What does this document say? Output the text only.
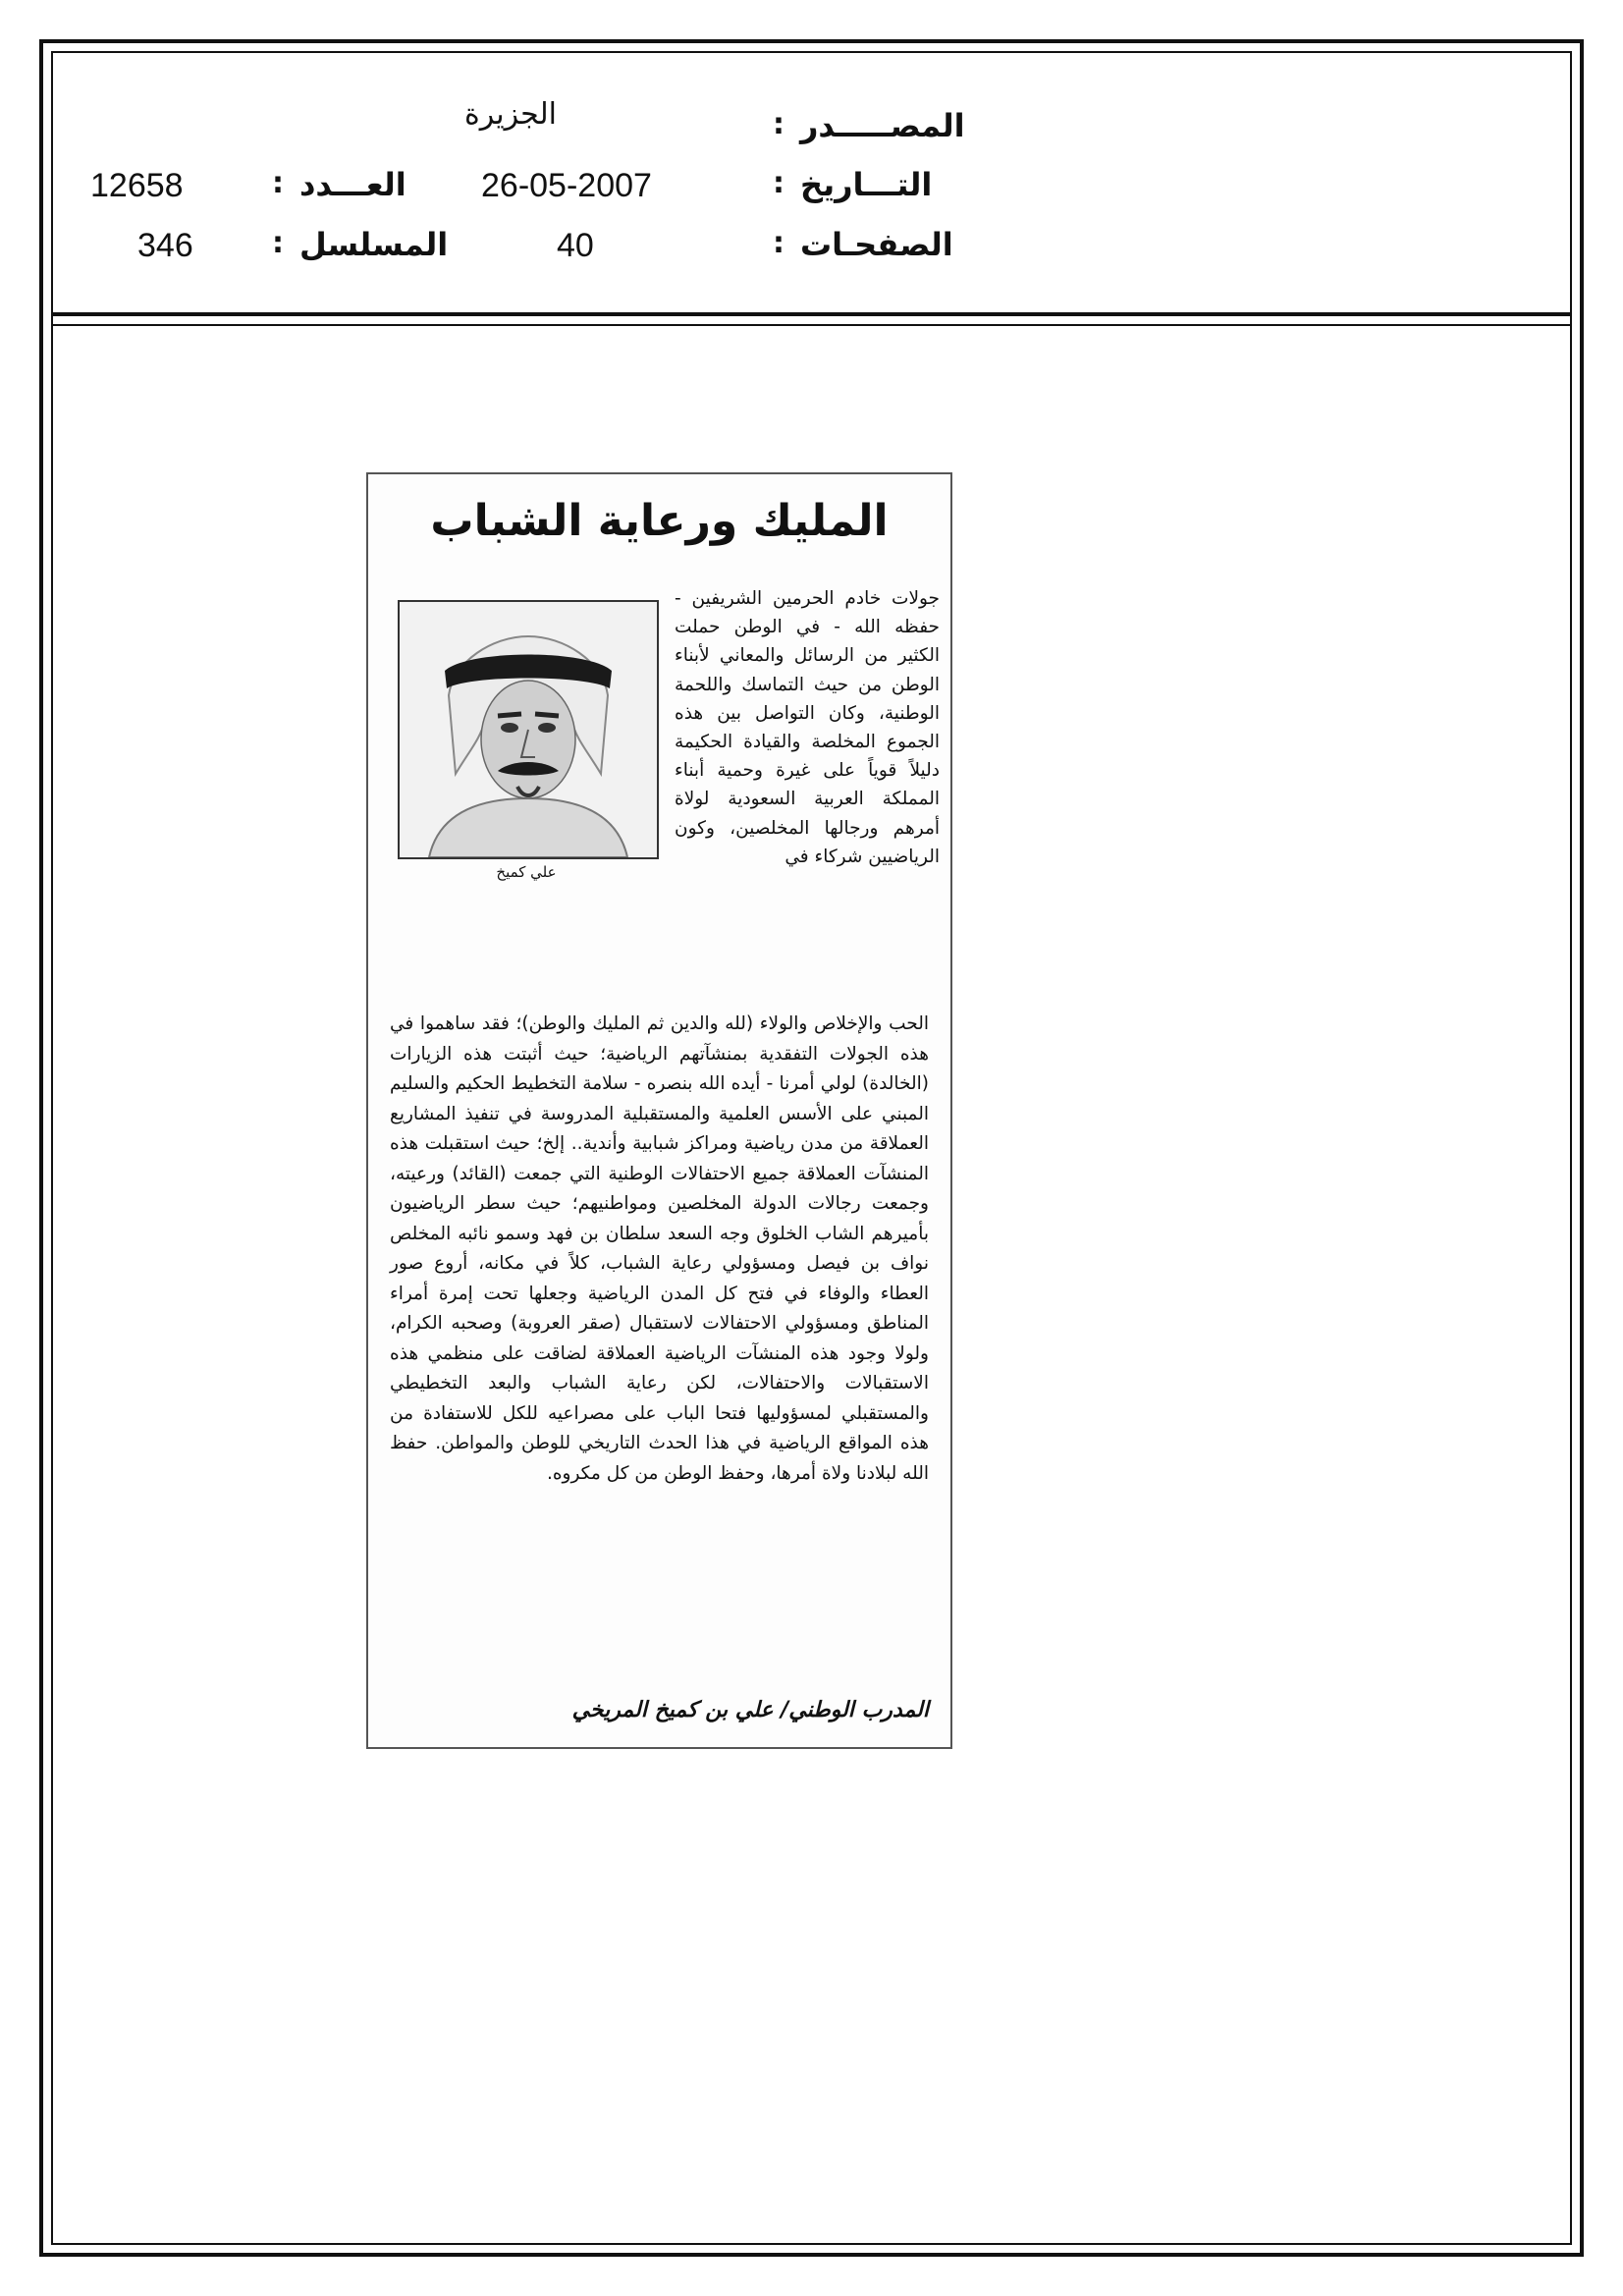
المصـــــدر
:
الجزيرة
التـــاريخ
:
26-05-2007
العـــدد
:
12658
الصفحـات
:
40
المسلسل
:
346
المليك ورعاية الشباب
علي كميخ
جولات خادم الحرمين الشريفين - حفظه الله - في الوطن حملت الكثير من الرسائل والمعاني لأبناء الوطن من حيث التماسك واللحمة الوطنية، وكان التواصل بين هذه الجموع المخلصة والقيادة الحكيمة دليلاً قوياً على غيرة وحمية أبناء المملكة العربية السعودية لولاة أمرهم ورجالها المخلصين، وكون الرياضيين شركاء في
الحب والإخلاص والولاء (لله والدين ثم المليك والوطن)؛ فقد ساهموا في هذه الجولات التفقدية بمنشآتهم الرياضية؛ حيث أثبتت هذه الزيارات (الخالدة) لولي أمرنا - أيده الله بنصره - سلامة التخطيط الحكيم والسليم المبني على الأسس العلمية والمستقبلية المدروسة في تنفيذ المشاريع العملاقة من مدن رياضية ومراكز شبابية وأندية.. إلخ؛ حيث استقبلت هذه المنشآت العملاقة جميع الاحتفالات الوطنية التي جمعت (القائد) ورعيته، وجمعت رجالات الدولة المخلصين ومواطنيهم؛ حيث سطر الرياضيون بأميرهم الشاب الخلوق وجه السعد سلطان بن فهد وسمو نائبه المخلص نواف بن فيصل ومسؤولي رعاية الشباب، كلاً في مكانه، أروع صور العطاء والوفاء في فتح كل المدن الرياضية وجعلها تحت إمرة أمراء المناطق ومسؤولي الاحتفالات لاستقبال (صقر العروبة) وصحبه الكرام، ولولا وجود هذه المنشآت الرياضية العملاقة لضاقت على منظمي هذه الاستقبالات والاحتفالات، لكن رعاية الشباب والبعد التخطيطي والمستقبلي لمسؤوليها فتحا الباب على مصراعيه للكل للاستفادة من هذه المواقع الرياضية في هذا الحدث التاريخي للوطن والمواطن. حفظ الله لبلادنا ولاة أمرها، وحفظ الوطن من كل مكروه.
المدرب الوطني/ علي بن كميخ المريخي
